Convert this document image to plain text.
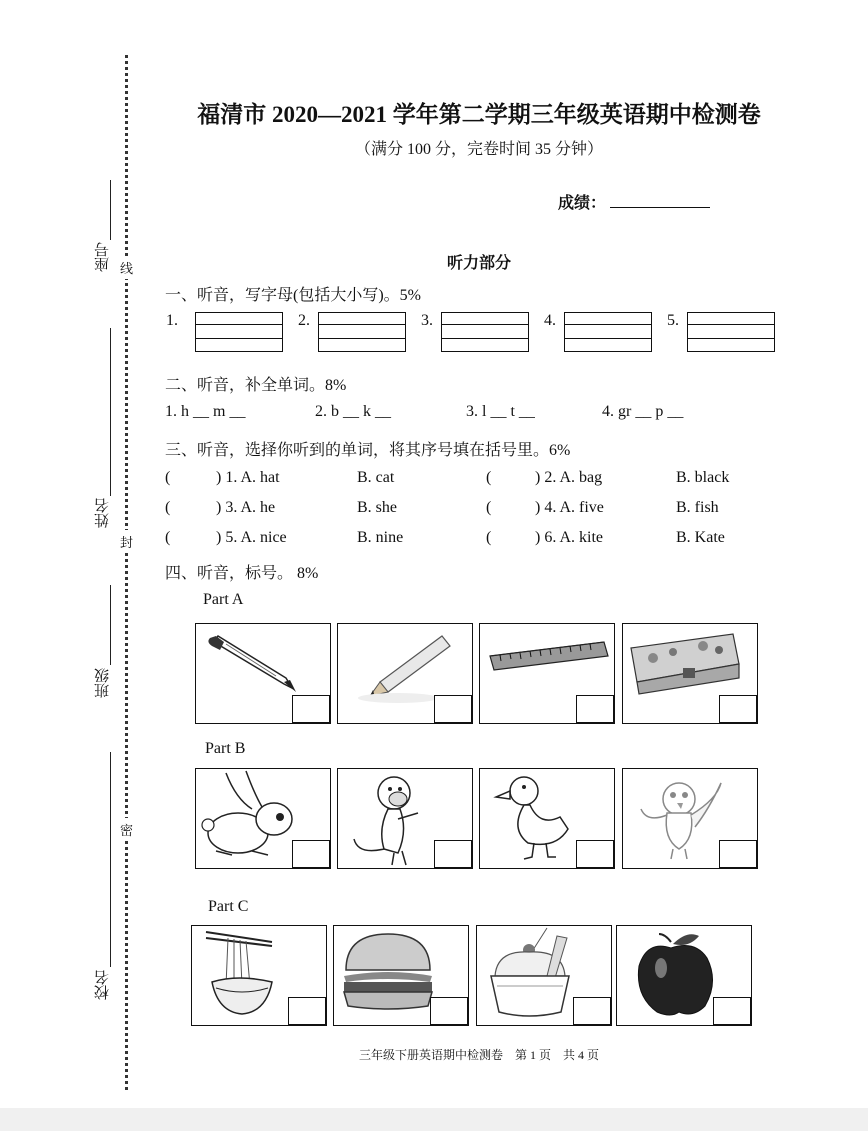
座号
姓名
班级
校名
线
封
密
福清市 2020—2021 学年第二学期三年级英语期中检测卷
（满分 100 分，完卷时间 35 分钟）
成绩：
听力部分
一、听音，写字母(包括大小写)。5%
1.	2.	3.	4.	5.
二、听音，补全单词。8%
1. h __ m __	2. b __ k __	3. l __ t __	4. gr __ p __
三、听音，选择你听到的单词，将其序号填在括号里。6%
(	) 1. A. hat	B. cat	(	) 2. A. bag	B. black
(	) 3. A. he	B. she	(	) 4. A. five	B. fish
(	) 5. A. nice	B. nine	(	) 6. A. kite	B. Kate
四、听音，标号。 8%
Part A
Part B
Part C
三年级下册英语期中检测卷　第 1 页　共 4 页
